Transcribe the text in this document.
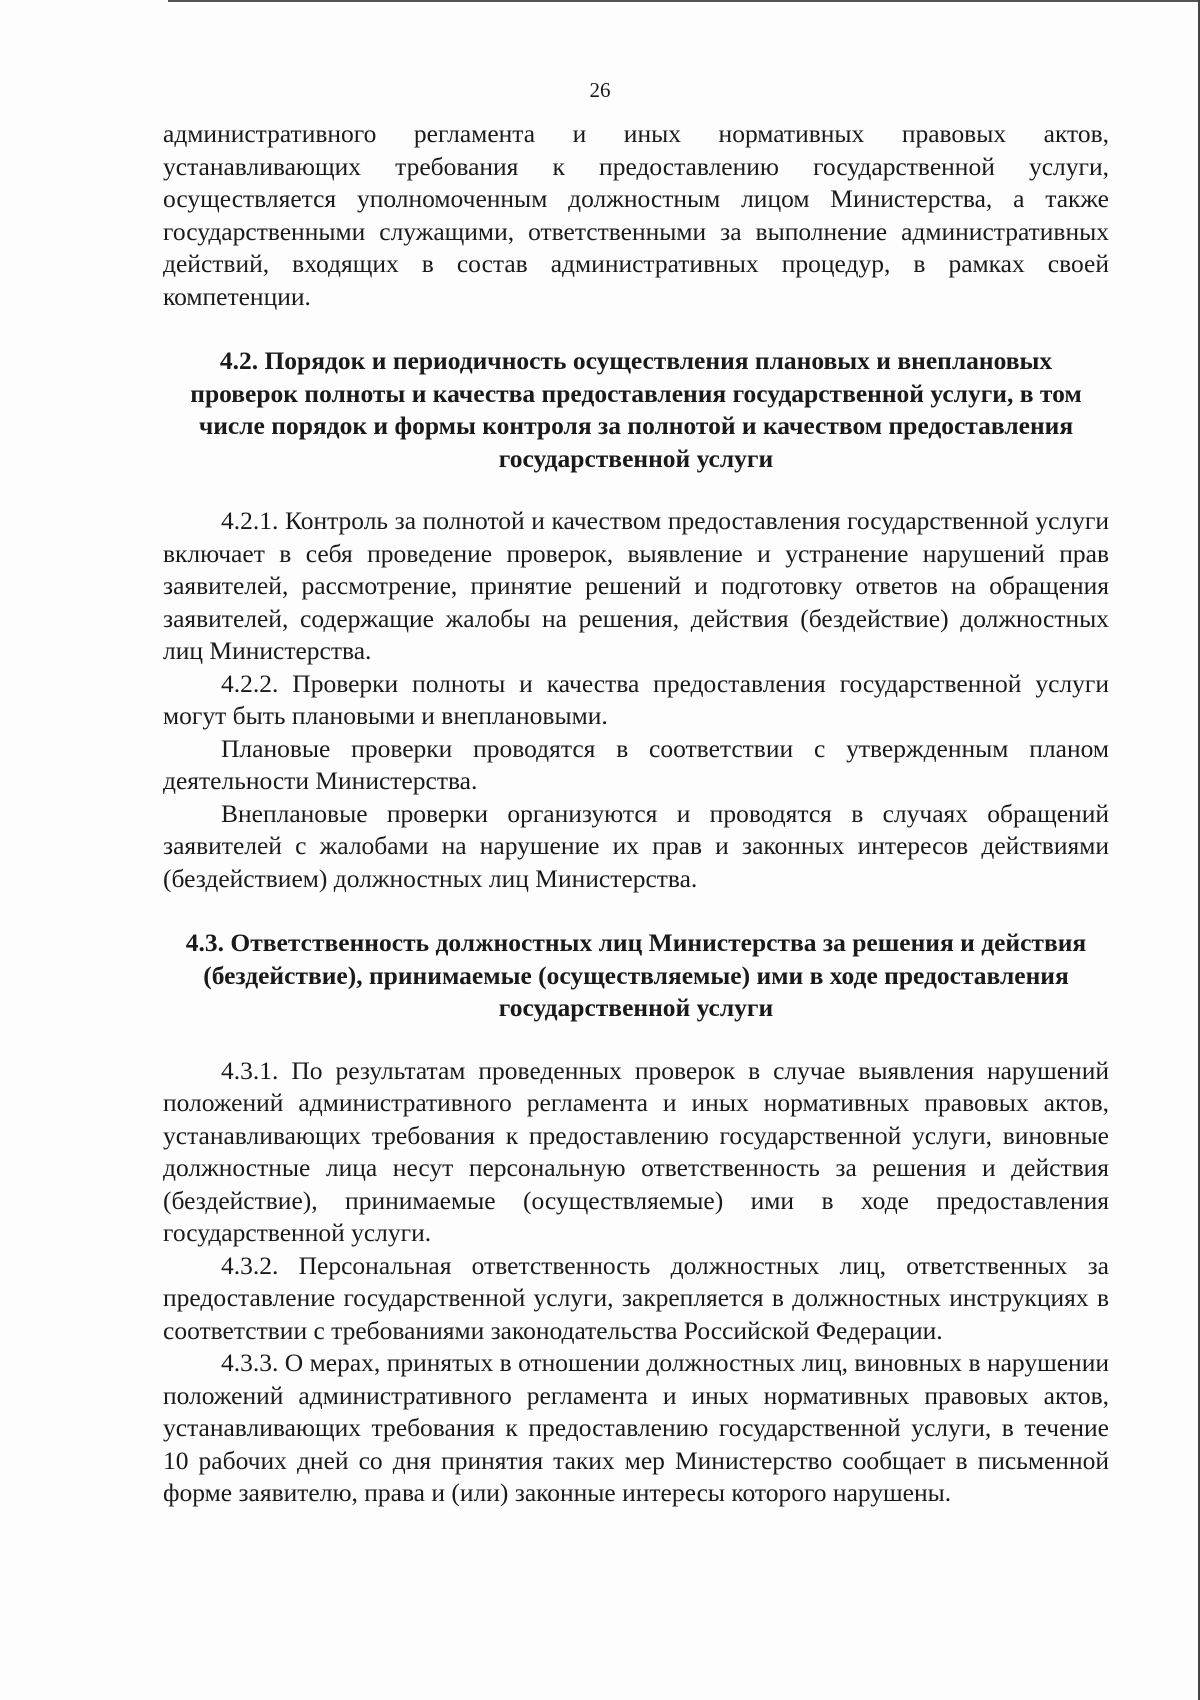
26

административного регламента и иных нормативных правовых актов, устанавливающих требования к предоставлению государственной услуги, осуществляется уполномоченным должностным лицом Министерства, а также государственными служащими, ответственными за выполнение административных действий, входящих в состав административных процедур, в рамках своей компетенции.

4.2. Порядок и периодичность осуществления плановых и внеплановых проверок полноты и качества предоставления государственной услуги, в том числе порядок и формы контроля за полнотой и качеством предоставления государственной услуги

4.2.1. Контроль за полнотой и качеством предоставления государственной услуги включает в себя проведение проверок, выявление и устранение нарушений прав заявителей, рассмотрение, принятие решений и подготовку ответов на обращения заявителей, содержащие жалобы на решения, действия (бездействие) должностных лиц Министерства.

4.2.2. Проверки полноты и качества предоставления государственной услуги могут быть плановыми и внеплановыми.

Плановые проверки проводятся в соответствии с утвержденным планом деятельности Министерства.

Внеплановые проверки организуются и проводятся в случаях обращений заявителей с жалобами на нарушение их прав и законных интересов действиями (бездействием) должностных лиц Министерства.

4.3. Ответственность должностных лиц Министерства за решения и действия (бездействие), принимаемые (осуществляемые) ими в ходе предоставления государственной услуги

4.3.1. По результатам проведенных проверок в случае выявления нарушений положений административного регламента и иных нормативных правовых актов, устанавливающих требования к предоставлению государственной услуги, виновные должностные лица несут персональную ответственность за решения и действия (бездействие), принимаемые (осуществляемые) ими в ходе предоставления государственной услуги.

4.3.2. Персональная ответственность должностных лиц, ответственных за предоставление государственной услуги, закрепляется в должностных инструкциях в соответствии с требованиями законодательства Российской Федерации.

4.3.3. О мерах, принятых в отношении должностных лиц, виновных в нарушении положений административного регламента и иных нормативных правовых актов, устанавливающих требования к предоставлению государственной услуги, в течение 10 рабочих дней со дня принятия таких мер Министерство сообщает в письменной форме заявителю, права и (или) законные интересы которого нарушены.
